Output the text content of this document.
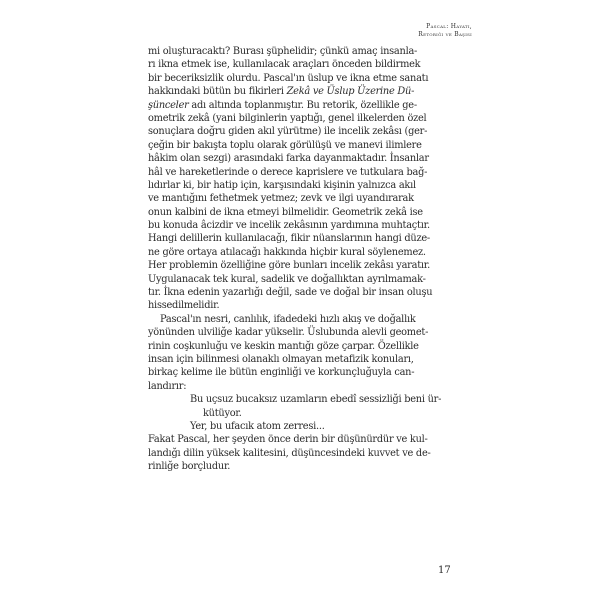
Pascal: Hayatı,
Retoriği ve Başısı
mi oluşturacaktı? Burası şüphelidir; çünkü amaç insanla-
rı ikna etmek ise, kullanılacak araçları önceden bildirmek
bir beceriksizlik olurdu. Pascal'ın üslup ve ikna etme sanatı
hakkındaki bütün bu fikirleri Zekâ ve Üslup Üzerine Dü-
şünceler adı altında toplanmıştır. Bu retorik, özellikle ge-
ometrik zekâ (yani bilginlerin yaptığı, genel ilkelerden özel
sonuçlara doğru giden akıl yürütme) ile incelik zekâsı (ger-
çeğin bir bakışta toplu olarak görülüşü ve manevi ilimlere
hâkim olan sezgi) arasındaki farka dayanmaktadır. İnsanlar
hâl ve hareketlerinde o derece kaprislere ve tutkulara bağ-
lıdırlar ki, bir hatip için, karşısındaki kişinin yalnızca akıl
ve mantığını fethetmek yetmez; zevk ve ilgi uyandırarak
onun kalbini de ikna etmeyi bilmelidir. Geometrik zekâ ise
bu konuda âcizdir ve incelik zekâsının yardımına muhtaçtır.
Hangi delillerin kullanılacağı, fikir nüanslarının hangi düze-
ne göre ortaya atılacağı hakkında hiçbir kural söylenemez.
Her problemin özelliğine göre bunları incelik zekâsı yaratır.
Uygulanacak tek kural, sadelik ve doğallıktan ayrılmamak-
tır. İkna edenin yazarlığı değil, sade ve doğal bir insan oluşu
hissedilmelidir.
Pascal'ın nesri, canlılık, ifadedeki hızlı akış ve doğallık
yönünden ulviliğe kadar yükselir. Üslubunda alevli geomet-
rinin coşkunluğu ve keskin mantığı göze çarpar. Özellikle
insan için bilinmesi olanaklı olmayan metafizik konuları,
birkaç kelime ile bütün enginliği ve korkunçluğuyla can-
landırır:
Bu uçsuz bucaksız uzamların ebedî sessizliği beni ür-
kütüyor.
Yer, bu ufacık atom zerresi...
Fakat Pascal, her şeyden önce derin bir düşünürdür ve kul-
landığı dilin yüksek kalitesini, düşüncesindeki kuvvet ve de-
rinliğe borçludur.
17
